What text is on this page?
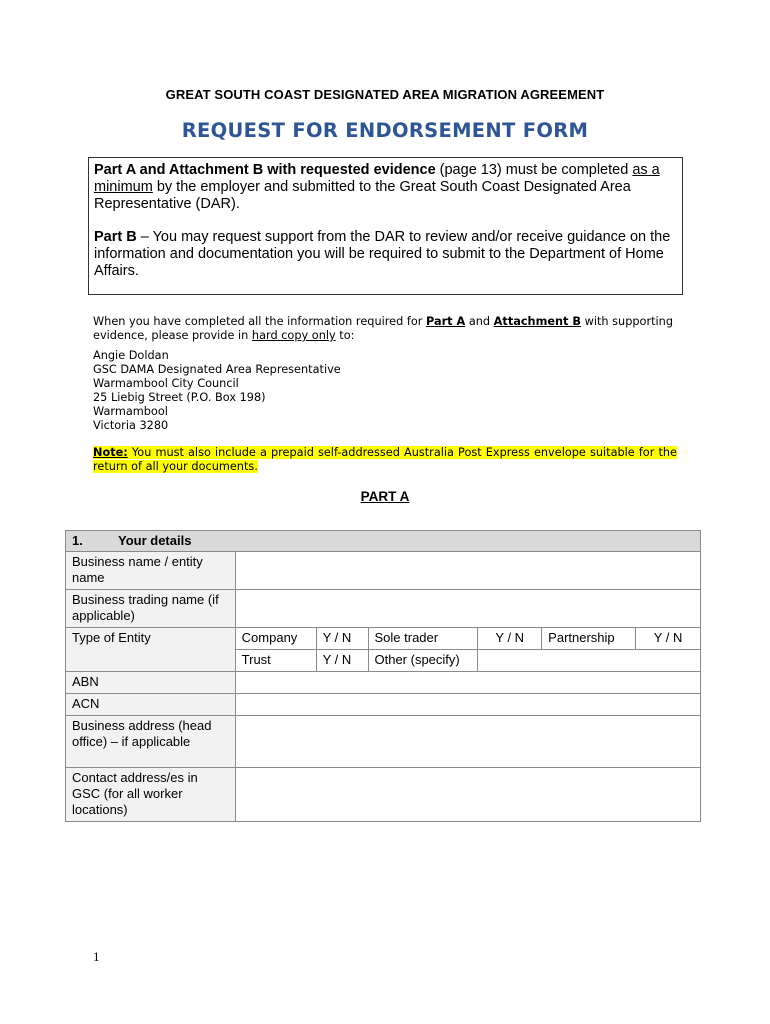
GREAT SOUTH COAST DESIGNATED AREA MIGRATION AGREEMENT
REQUEST FOR ENDORSEMENT FORM

Part A and Attachment B with requested evidence (page 13) must be completed as a minimum by the employer and submitted to the Great South Coast Designated Area Representative (DAR).

Part B – You may request support from the DAR to review and/or receive guidance on the information and documentation you will be required to submit to the Department of Home Affairs.

When you have completed all the information required for Part A and Attachment B with supporting evidence, please provide in hard copy only to:

Angie Doldan
GSC DAMA Designated Area Representative
Warmambool City Council
25 Liebig Street (P.O. Box 198)
Warmambool
Victoria 3280
Note: You must also include a prepaid self-addressed Australia Post Express envelope suitable for the return of all your documents.
PART A
1. Your details						
Business name / entity name						
Business trading name (if applicable)						
Type of Entity	Company	Y / N	Sole trader	Y / N	Partnership	Y / N
	Trust	Y / N	Other (specify)			
ABN						
ACN						
Business address (head office) – if applicable						
Contact address/es in GSC (for all worker locations)						
1
